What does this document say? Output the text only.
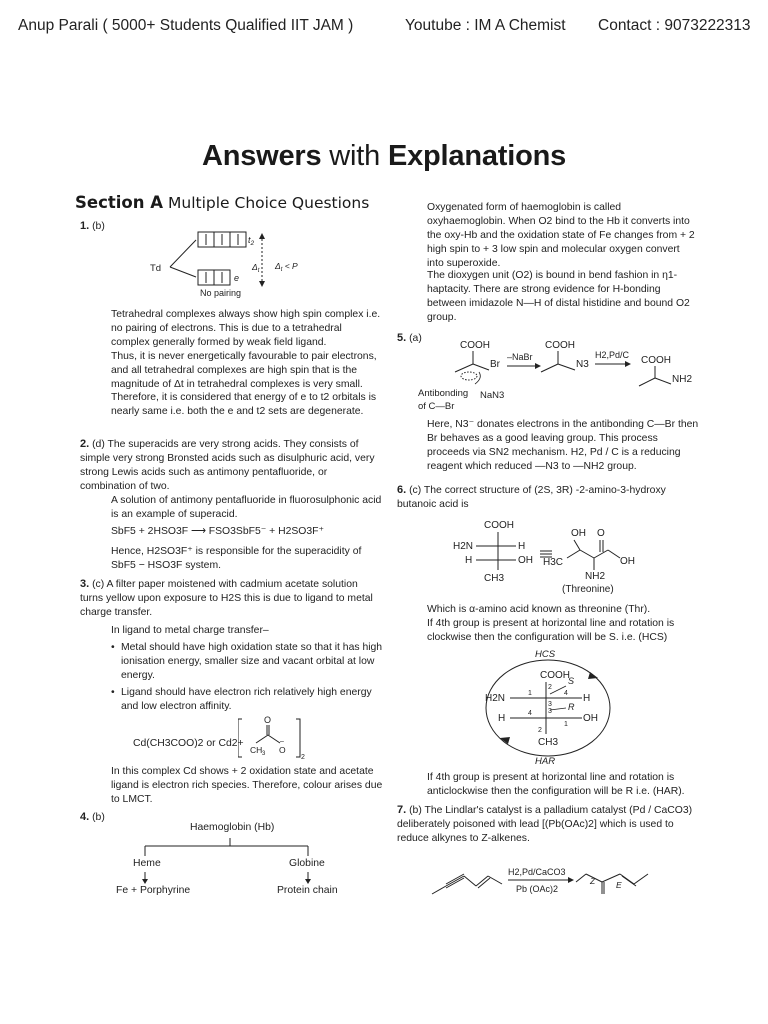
Anup Parali ( 5000+ Students Qualified IIT JAM )	Youtube : IM A Chemist Contact : 9073222313
Answers with Explanations
Section A Multiple Choice Questions
1. (b)
Td
$t_2$
e
$\Delta_t$ $\Delta_t < P$
No pairing

Tetrahedral complexes always show high spin complex i.e. no pairing of electrons. This is due to a tetrahedral complex generally formed by weak field ligand.

Thus, it is never energetically favourable to pair electrons, and all tetrahedral complexes are high spin that is the magnitude of Δt in tetrahedral complexes is very small. Therefore, it is considered that energy of e to t2 orbitals is nearly same i.e. both the e and t2 sets are degenerate.

2. (d) The superacids are very strong acids. They consists of simple very strong Bronsted acids such as disulphuric acid, very strong Lewis acids such as antimony pentafluoride, or combination of two.

A solution of antimony pentafluoride in fluorosulphonic acid is an example of superacid.
SbF5 + 2HSO3F ⟶ FSO3SbF5⁻ + H2SO3F⁺
Hence, H2SO3F⁺ is responsible for the superacidity of SbF5 − HSO3F system.

3. (c) A filter paper moistened with cadmium acetate solution turns yellow upon exposure to H2S this is due to ligand to metal charge transfer.

In ligand to metal charge transfer–
• Metal should have high oxidation state so that it has high ionisation energy, smaller size and vacant orbital at low energy.
• Ligand should have electron rich relatively high energy and low electron affinity.
Cd(CH3COO)2 or Cd2+
O
CH 3 O
–
2
In this complex Cd shows + 2 oxidation state and acetate ligand is electron rich species. Therefore, colour arises due to LMCT.
4. (b)
Haemoglobin (Hb)
Heme	Globine
Fe + Porphyrine	Protein chain
Oxygenated form of haemoglobin is called oxyhaemoglobin. When O2 bind to the Hb it converts into the oxy-Hb and the oxidation state of Fe changes from + 2 high spin to + 3 low spin and molecular oxygen convert into superoxide.
The dioxygen unit (O2) is bound in bend fashion in η1-haptacity. There are strong evidence for H-bonding between imidazole N—H of distal histidine and bound O2 group.
5. (a)
COOH
Br
NaN3
Antibonding
of C—Br
–NaBr
COOH
N3
H2,Pd/C COOH
NH2
Here, N3⁻ donates electrons in the antibonding C—Br then Br behaves as a good leaving group. This process proceeds via SN2 mechanism. H2, Pd / C is a reducing reagent which reduced —N3 to —NH2 group.

6. (c) The correct structure of (2S, 3R) -2-amino-3-hydroxy butanoic acid is

COOH
H2N	H
H	OH
CH3
OH O
H3C	OH
NH2
(Threonine)
Which is α-amino acid known as threonine (Thr).
If 4th group is present at horizontal line and rotation is clockwise then the configuration will be S. i.e. (HCS)
HCS
HAR
COOH
H2N	H
H	OH
CH3
1
2
4
3
4 3
1
2
S
R
If 4th group is present at horizontal line and rotation is anticlockwise then the configuration will be R i.e. (HAR).

7. (b) The Lindlar's catalyst is a palladium catalyst (Pd / CaCO3) deliberately poisoned with lead [(Pb(OAc)2] which is used to reduce alkynes to Z-alkenes.

H2,Pd/CaCO3
Pb (OAc)2
Z E
